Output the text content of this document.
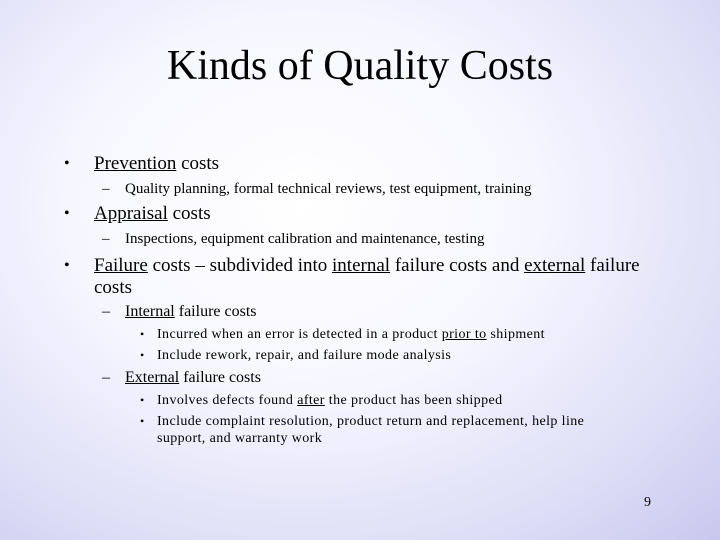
Kinds of Quality Costs
• Prevention costs
– Quality planning, formal technical reviews, test equipment, training
• Appraisal costs
– Inspections, equipment calibration and maintenance, testing
• Failure costs – subdivided into internal failure costs and external failure costs
– Internal failure costs
• Incurred when an error is detected in a product prior to shipment
• Include rework, repair, and failure mode analysis
– External failure costs
• Involves defects found after the product has been shipped
• Include complaint resolution, product return and replacement, help line support, and warranty work
9
